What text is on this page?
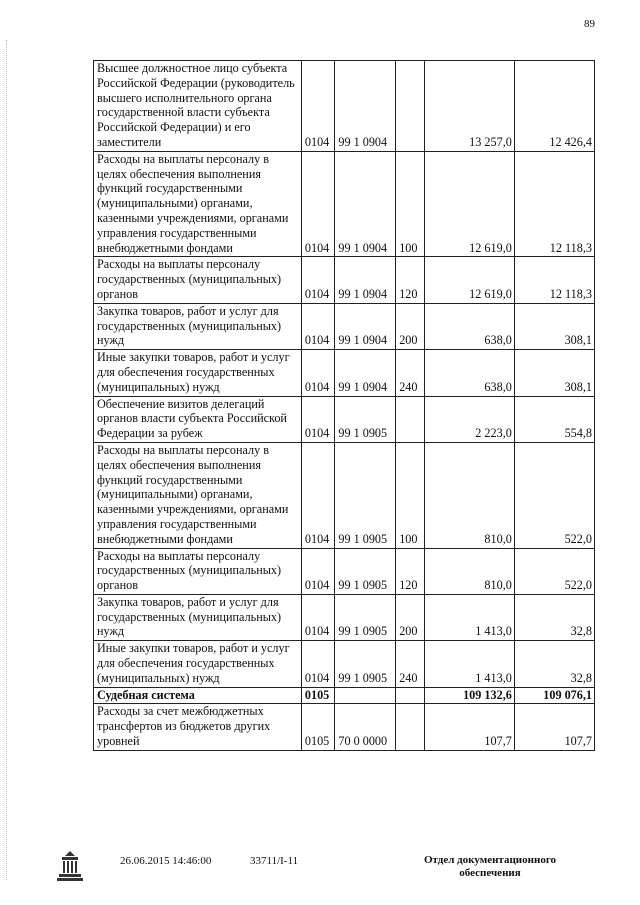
89
Высшее должностное лицо субъекта Российской Федерации (руководитель высшего исполнительного органа государственной власти субъекта Российской Федерации) и его заместители	0104	99 1 0904		13 257,0	12 426,4
Расходы на выплаты персоналу в целях обеспечения выполнения функций государственными (муниципальными) органами, казенными учреждениями, органами управления государственными внебюджетными фондами	0104	99 1 0904	100	12 619,0	12 118,3
Расходы на выплаты персоналу государственных (муниципальных) органов	0104	99 1 0904	120	12 619,0	12 118,3
Закупка товаров, работ и услуг для государственных (муниципальных) нужд	0104	99 1 0904	200	638,0	308,1
Иные закупки товаров, работ и услуг для обеспечения государственных (муниципальных) нужд	0104	99 1 0904	240	638,0	308,1
Обеспечение визитов делегаций органов власти субъекта Российской Федерации за рубеж	0104	99 1 0905		2 223,0	554,8
Расходы на выплаты персоналу в целях обеспечения выполнения функций государственными (муниципальными) органами, казенными учреждениями, органами управления государственными внебюджетными фондами	0104	99 1 0905	100	810,0	522,0
Расходы на выплаты персоналу государственных (муниципальных) органов	0104	99 1 0905	120	810,0	522,0
Закупка товаров, работ и услуг для государственных (муниципальных) нужд	0104	99 1 0905	200	1 413,0	32,8
Иные закупки товаров, работ и услуг для обеспечения государственных (муниципальных) нужд	0104	99 1 0905	240	1 413,0	32,8
Судебная система	0105			109 132,6	109 076,1
Расходы за счет межбюджетных трансфертов из бюджетов других уровней	0105	70 0 0000		107,7	107,7
26.06.2015 14:46:00	33711/I-11	Отдел документационного
обеспечения
